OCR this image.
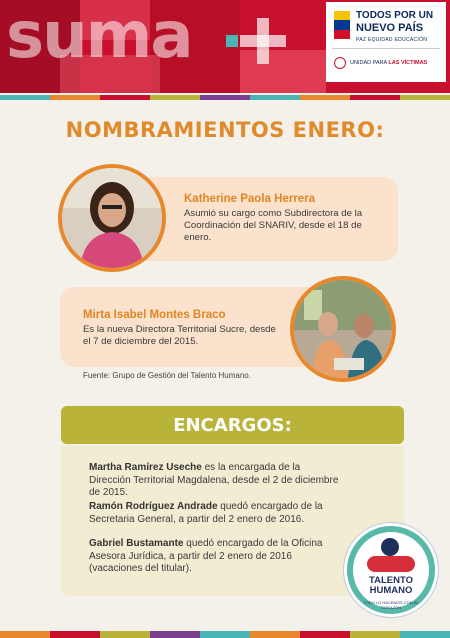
suma	TODOS POR UN
NUEVO PAÍS
PAZ EQUIDAD EDUCACIÓN
UNIDAD PARA LAS VÍCTIMAS
NOMBRAMIENTOS ENERO:
Katherine Paola Herrera
Asumió su cargo como Subdirectora de la Coordinación del SNARIV, desde el 18 de enero.
Mirta Isabel Montes Braco
Es la nueva Directora Territorial Sucre, desde el 7 de diciembre del 2015.
Fuente: Grupo de Gestión del Talento Humano.
ENCARGOS:
Martha Ramírez Useche es la encargada de la Dirección Territorial Magdalena, desde el 2 de diciembre de 2015.
Ramón Rodríguez Andrade quedó encargado de la Secretaria General, a partir del 2 enero de 2016.
Gabriel Bustamante quedó encargado de la Oficina Asesora Jurídica, a partir del 2 enero de 2016 (vacaciones del titular).
TALENTO
HUMANO
TODO LO HACEMOS CON EL CORAZÓN
